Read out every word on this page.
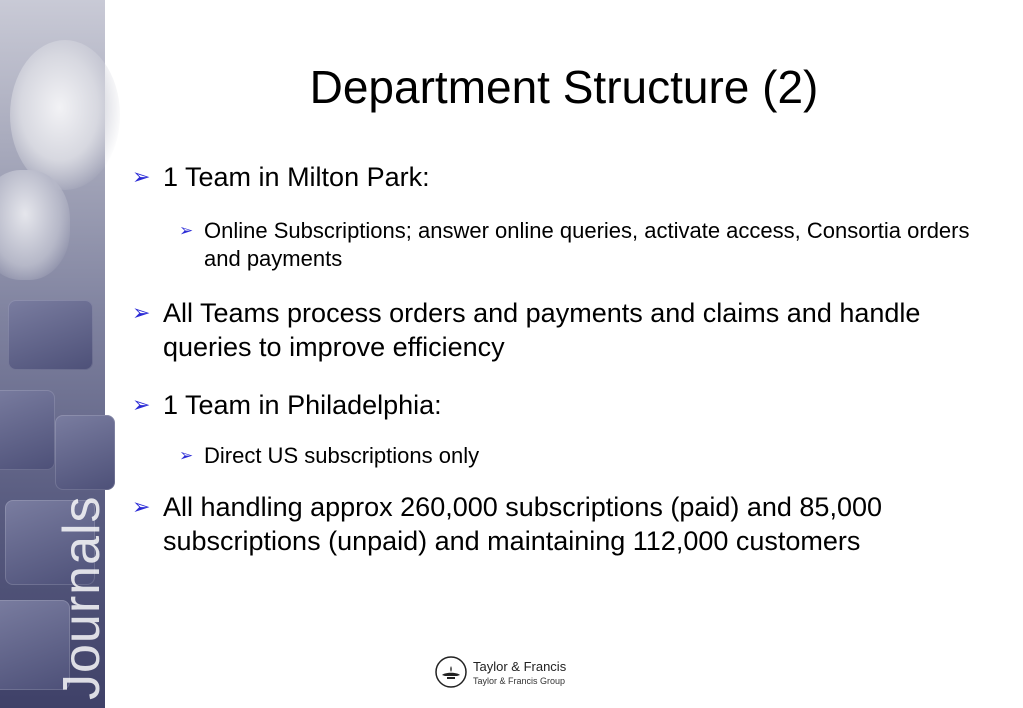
Journals
Department Structure (2)
➢ 1 Team in Milton Park:
➢ Online Subscriptions; answer online queries, activate access, Consortia orders and payments
➢ All Teams process orders and payments and claims and handle queries to improve efficiency
➢ 1 Team in Philadelphia:
➢ Direct US subscriptions only
➢ All handling approx 260,000 subscriptions (paid) and 85,000 subscriptions (unpaid) and maintaining 112,000 customers
Taylor & Francis
Taylor & Francis Group
